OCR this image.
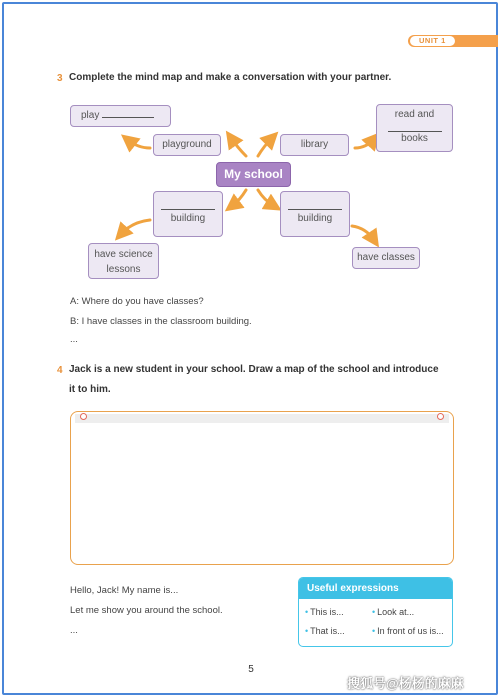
UNIT 1
3 Complete the mind map and make a conversation with your partner.
play
playground	library
read and
books
My school
building	building
have science
lessons
have classes
A: Where do you have classes?
B: I have classes in the classroom building.
...
4 Jack is a new student in your school. Draw a map of the school and introduce
it to him.
Hello, Jack! My name is...
Let me show you around the school.
...
Useful expressions
• This is...	• Look at...
• That is...	• In front of us is...
5
搜狐号@杨杨的麻麻
